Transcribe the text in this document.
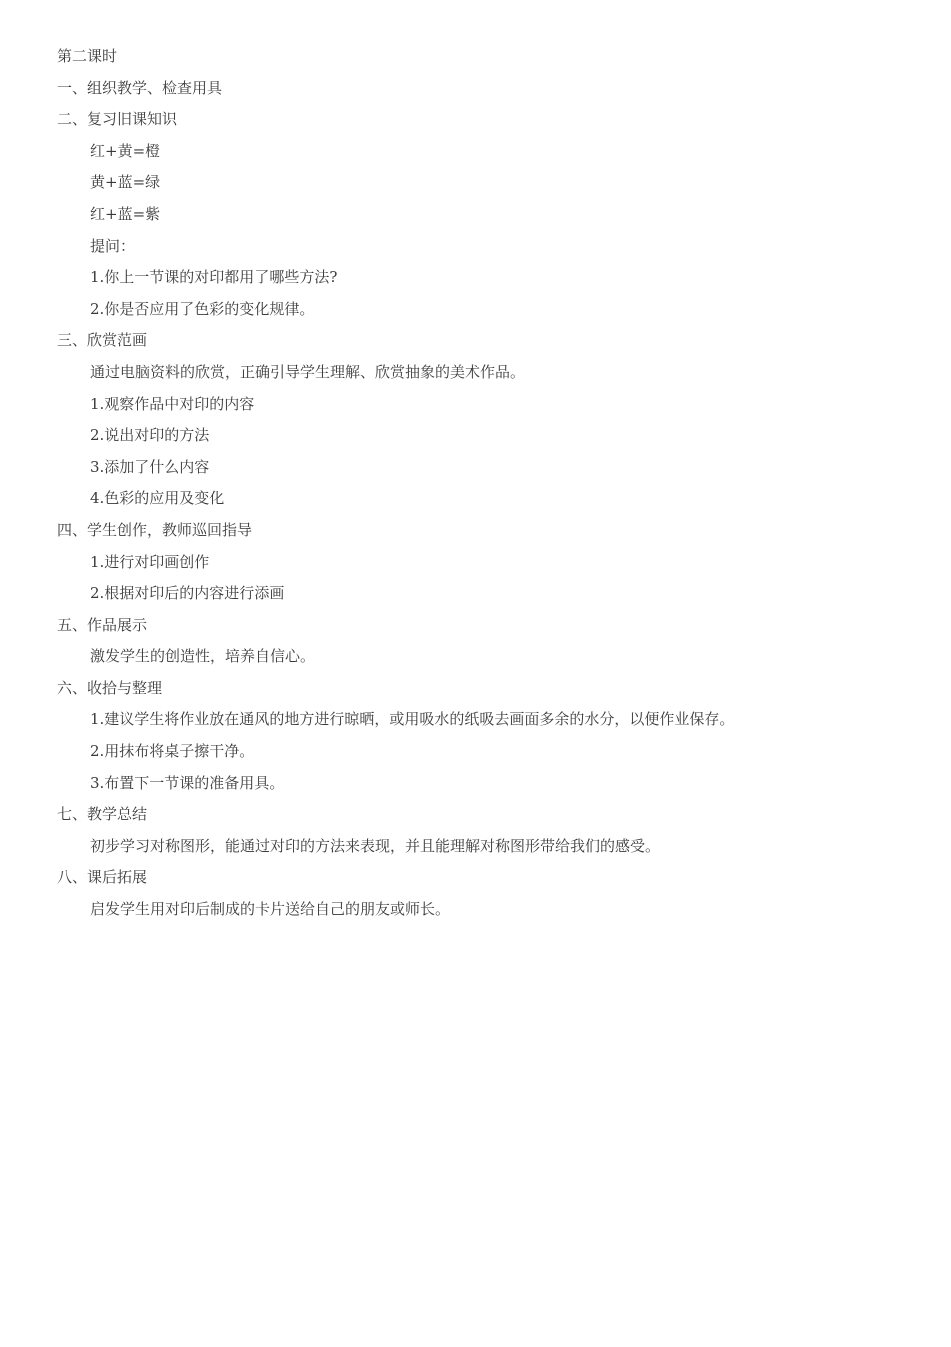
第二课时
一、组织教学、检查用具
二、复习旧课知识
红+黄=橙
黄+蓝=绿
红+蓝=紫
提问：
1.你上一节课的对印都用了哪些方法?
2.你是否应用了色彩的变化规律。
三、欣赏范画
通过电脑资料的欣赏，正确引导学生理解、欣赏抽象的美术作品。
1.观察作品中对印的内容
2.说出对印的方法
3.添加了什么内容
4.色彩的应用及变化
四、学生创作，教师巡回指导
1.进行对印画创作
2.根据对印后的内容进行添画
五、作品展示
激发学生的创造性，培养自信心。
六、收拾与整理
1.建议学生将作业放在通风的地方进行晾晒，或用吸水的纸吸去画面多余的水分，以便作业保存。
2.用抹布将桌子擦干净。
3.布置下一节课的准备用具。
七、教学总结
初步学习对称图形，能通过对印的方法来表现，并且能理解对称图形带给我们的感受。
八、课后拓展
启发学生用对印后制成的卡片送给自己的朋友或师长。
